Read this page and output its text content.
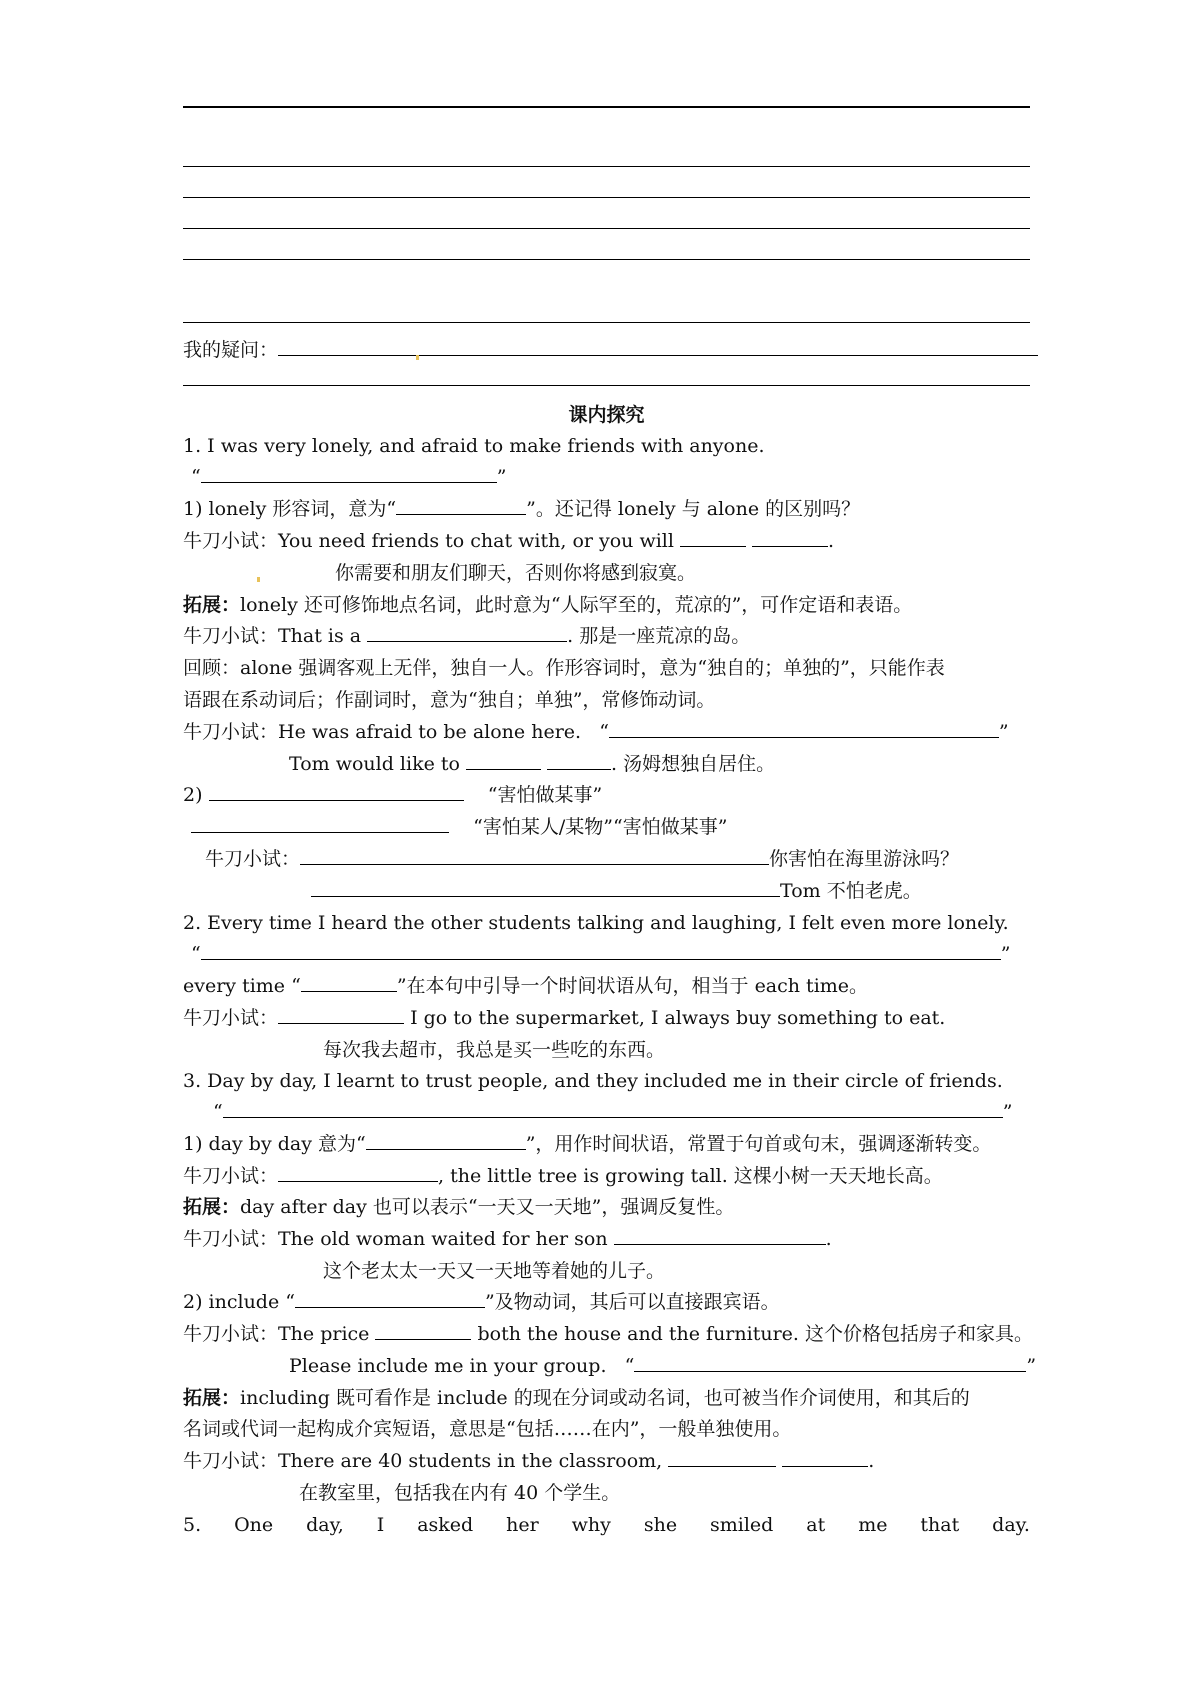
我的疑问：
课内探究
1. I was very lonely, and afraid to make friends with anyone.
“	”
1) lonely 形容词，意为“	”。还记得 lonely 与 alone 的区别吗？
牛刀小试：You need friends to chat with, or you will	.
你需要和朋友们聊天，否则你将感到寂寞。
拓展：lonely 还可修饰地点名词，此时意为“人际罕至的，荒凉的”，可作定语和表语。
牛刀小试：That is a	. 那是一座荒凉的岛。
回顾：alone 强调客观上无伴，独自一人。作形容词时，意为“独自的；单独的”，只能作表
语跟在系动词后；作副词时，意为“独自；单独”，常修饰动词。
牛刀小试：He was afraid to be alone here. “	”
Tom would like to	. 汤姆想独自居住。
2)	“害怕做某事”
“害怕某人/某物”“害怕做某事”
牛刀小试：	你害怕在海里游泳吗？
Tom 不怕老虎。
2. Every time I heard the other students talking and laughing, I felt even more lonely.
“	”
every time “	”在本句中引导一个时间状语从句，相当于 each time。
牛刀小试：	I go to the supermarket, I always buy something to eat.
每次我去超市，我总是买一些吃的东西。
3. Day by day, I learnt to trust people, and they included me in their circle of friends.
“	”
1) day by day 意为“	”，用作时间状语，常置于句首或句末，强调逐渐转变。
牛刀小试：	, the little tree is growing tall. 这棵小树一天天地长高。
拓展：day after day 也可以表示“一天又一天地”，强调反复性。
牛刀小试：The old woman waited for her son	.
这个老太太一天又一天地等着她的儿子。
2) include “	”及物动词，其后可以直接跟宾语。
牛刀小试：The price	both the house and the furniture. 这个价格包括房子和家具。
Please include me in your group. “	”
拓展：including 既可看作是 include 的现在分词或动名词，也可被当作介词使用，和其后的
名词或代词一起构成介宾短语，意思是“包括……在内”，一般单独使用。
牛刀小试：There are 40 students in the classroom,	.
在教室里，包括我在内有 40 个学生。
5. One day, I asked her why she smiled at me that day.
